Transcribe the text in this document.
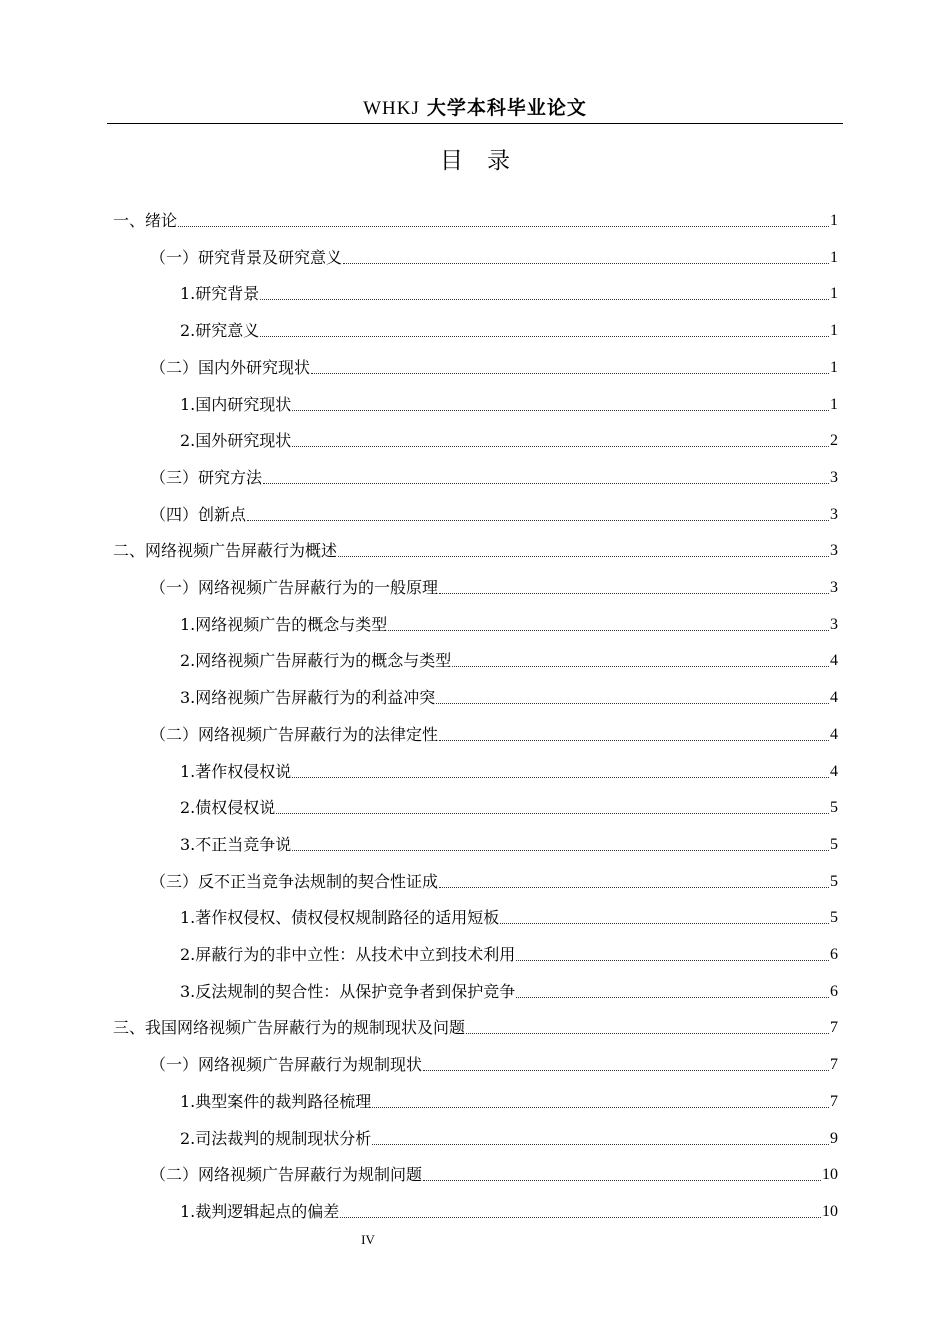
WHKJ 大学本科毕业论文
目录
一、绪论	1
（一）研究背景及研究意义	1
1.研究背景	1
2.研究意义	1
（二）国内外研究现状	1
1.国内研究现状	1
2.国外研究现状	2
（三）研究方法	3
（四）创新点	3
二、网络视频广告屏蔽行为概述	3
（一）网络视频广告屏蔽行为的一般原理	3
1.网络视频广告的概念与类型	3
2.网络视频广告屏蔽行为的概念与类型	4
3.网络视频广告屏蔽行为的利益冲突	4
（二）网络视频广告屏蔽行为的法律定性	4
1.著作权侵权说	4
2.债权侵权说	5
3.不正当竞争说	5
（三）反不正当竞争法规制的契合性证成	5
1.著作权侵权、债权侵权规制路径的适用短板	5
2.屏蔽行为的非中立性：从技术中立到技术利用	6
3.反法规制的契合性：从保护竞争者到保护竞争	6
三、我国网络视频广告屏蔽行为的规制现状及问题	7
（一）网络视频广告屏蔽行为规制现状	7
1.典型案件的裁判路径梳理	7
2.司法裁判的规制现状分析	9
（二）网络视频广告屏蔽行为规制问题	10
1.裁判逻辑起点的偏差	10
IV
